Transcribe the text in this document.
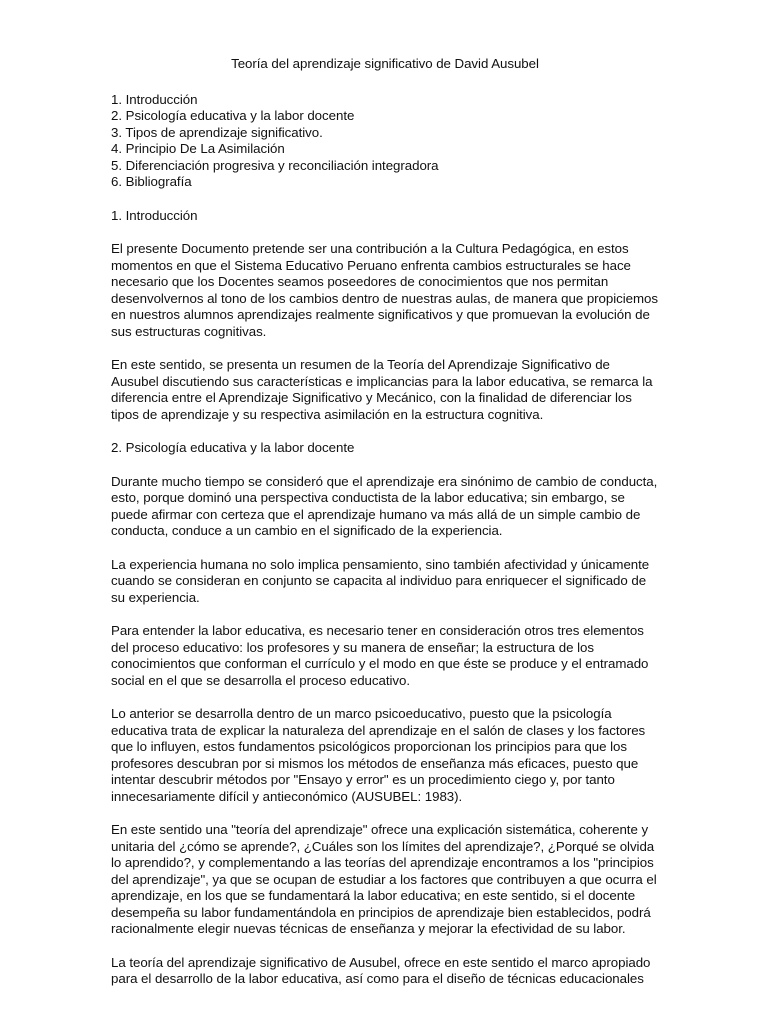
Teoría del aprendizaje significativo de David Ausubel
1. Introducción
2. Psicología educativa y la labor docente
3. Tipos de aprendizaje significativo.
4. Principio De La Asimilación
5. Diferenciación progresiva y reconciliación integradora
6. Bibliografía
1. Introducción

El presente Documento pretende ser una contribución a la Cultura Pedagógica, en estos momentos en que el Sistema Educativo Peruano enfrenta cambios estructurales se hace necesario que los Docentes seamos poseedores de conocimientos que nos permitan desenvolvernos al tono de los cambios dentro de nuestras aulas, de manera que propiciemos en nuestros alumnos aprendizajes realmente significativos y que promuevan la evolución de sus estructuras cognitivas.

En este sentido, se presenta un resumen de la Teoría del Aprendizaje Significativo de Ausubel discutiendo sus características e implicancias para la labor educativa, se remarca la diferencia entre el Aprendizaje Significativo y Mecánico, con la finalidad de diferenciar los tipos de aprendizaje y su respectiva asimilación en la estructura cognitiva.

2. Psicología educativa y la labor docente

Durante mucho tiempo se consideró que el aprendizaje era sinónimo de cambio de conducta, esto, porque dominó una perspectiva conductista de la labor educativa; sin embargo, se puede afirmar con certeza que el aprendizaje humano va más allá de un simple cambio de conducta, conduce a un cambio en el significado de la experiencia.

La experiencia humana no solo implica pensamiento, sino también afectividad y únicamente cuando se consideran en conjunto se capacita al individuo para enriquecer el significado de su experiencia.

Para entender la labor educativa, es necesario tener en consideración otros tres elementos del proceso educativo: los profesores y su manera de enseñar; la estructura de los conocimientos que conforman el currículo y el modo en que éste se produce y el entramado social en el que se desarrolla el proceso educativo.

Lo anterior se desarrolla dentro de un marco psicoeducativo, puesto que la psicología educativa trata de explicar la naturaleza del aprendizaje en el salón de clases y los factores que lo influyen, estos fundamentos psicológicos proporcionan los principios para que los profesores descubran por si mismos los métodos de enseñanza más eficaces, puesto que intentar descubrir métodos por "Ensayo y error" es un procedimiento ciego y, por tanto innecesariamente difícil y antieconómico (AUSUBEL: 1983).

En este sentido una "teoría del aprendizaje" ofrece una explicación sistemática, coherente y unitaria del ¿cómo se aprende?, ¿Cuáles son los límites del aprendizaje?, ¿Porqué se olvida lo aprendido?, y complementando a las teorías del aprendizaje encontramos a los "principios del aprendizaje", ya que se ocupan de estudiar a los factores que contribuyen a que ocurra el aprendizaje, en los que se fundamentará la labor educativa; en este sentido, si el docente desempeña su labor fundamentándola en principios de aprendizaje bien establecidos, podrá racionalmente elegir nuevas técnicas de enseñanza y mejorar la efectividad de su labor.

La teoría del aprendizaje significativo de Ausubel, ofrece en este sentido el marco apropiado para el desarrollo de la labor educativa, así como para el diseño de técnicas educacionales
